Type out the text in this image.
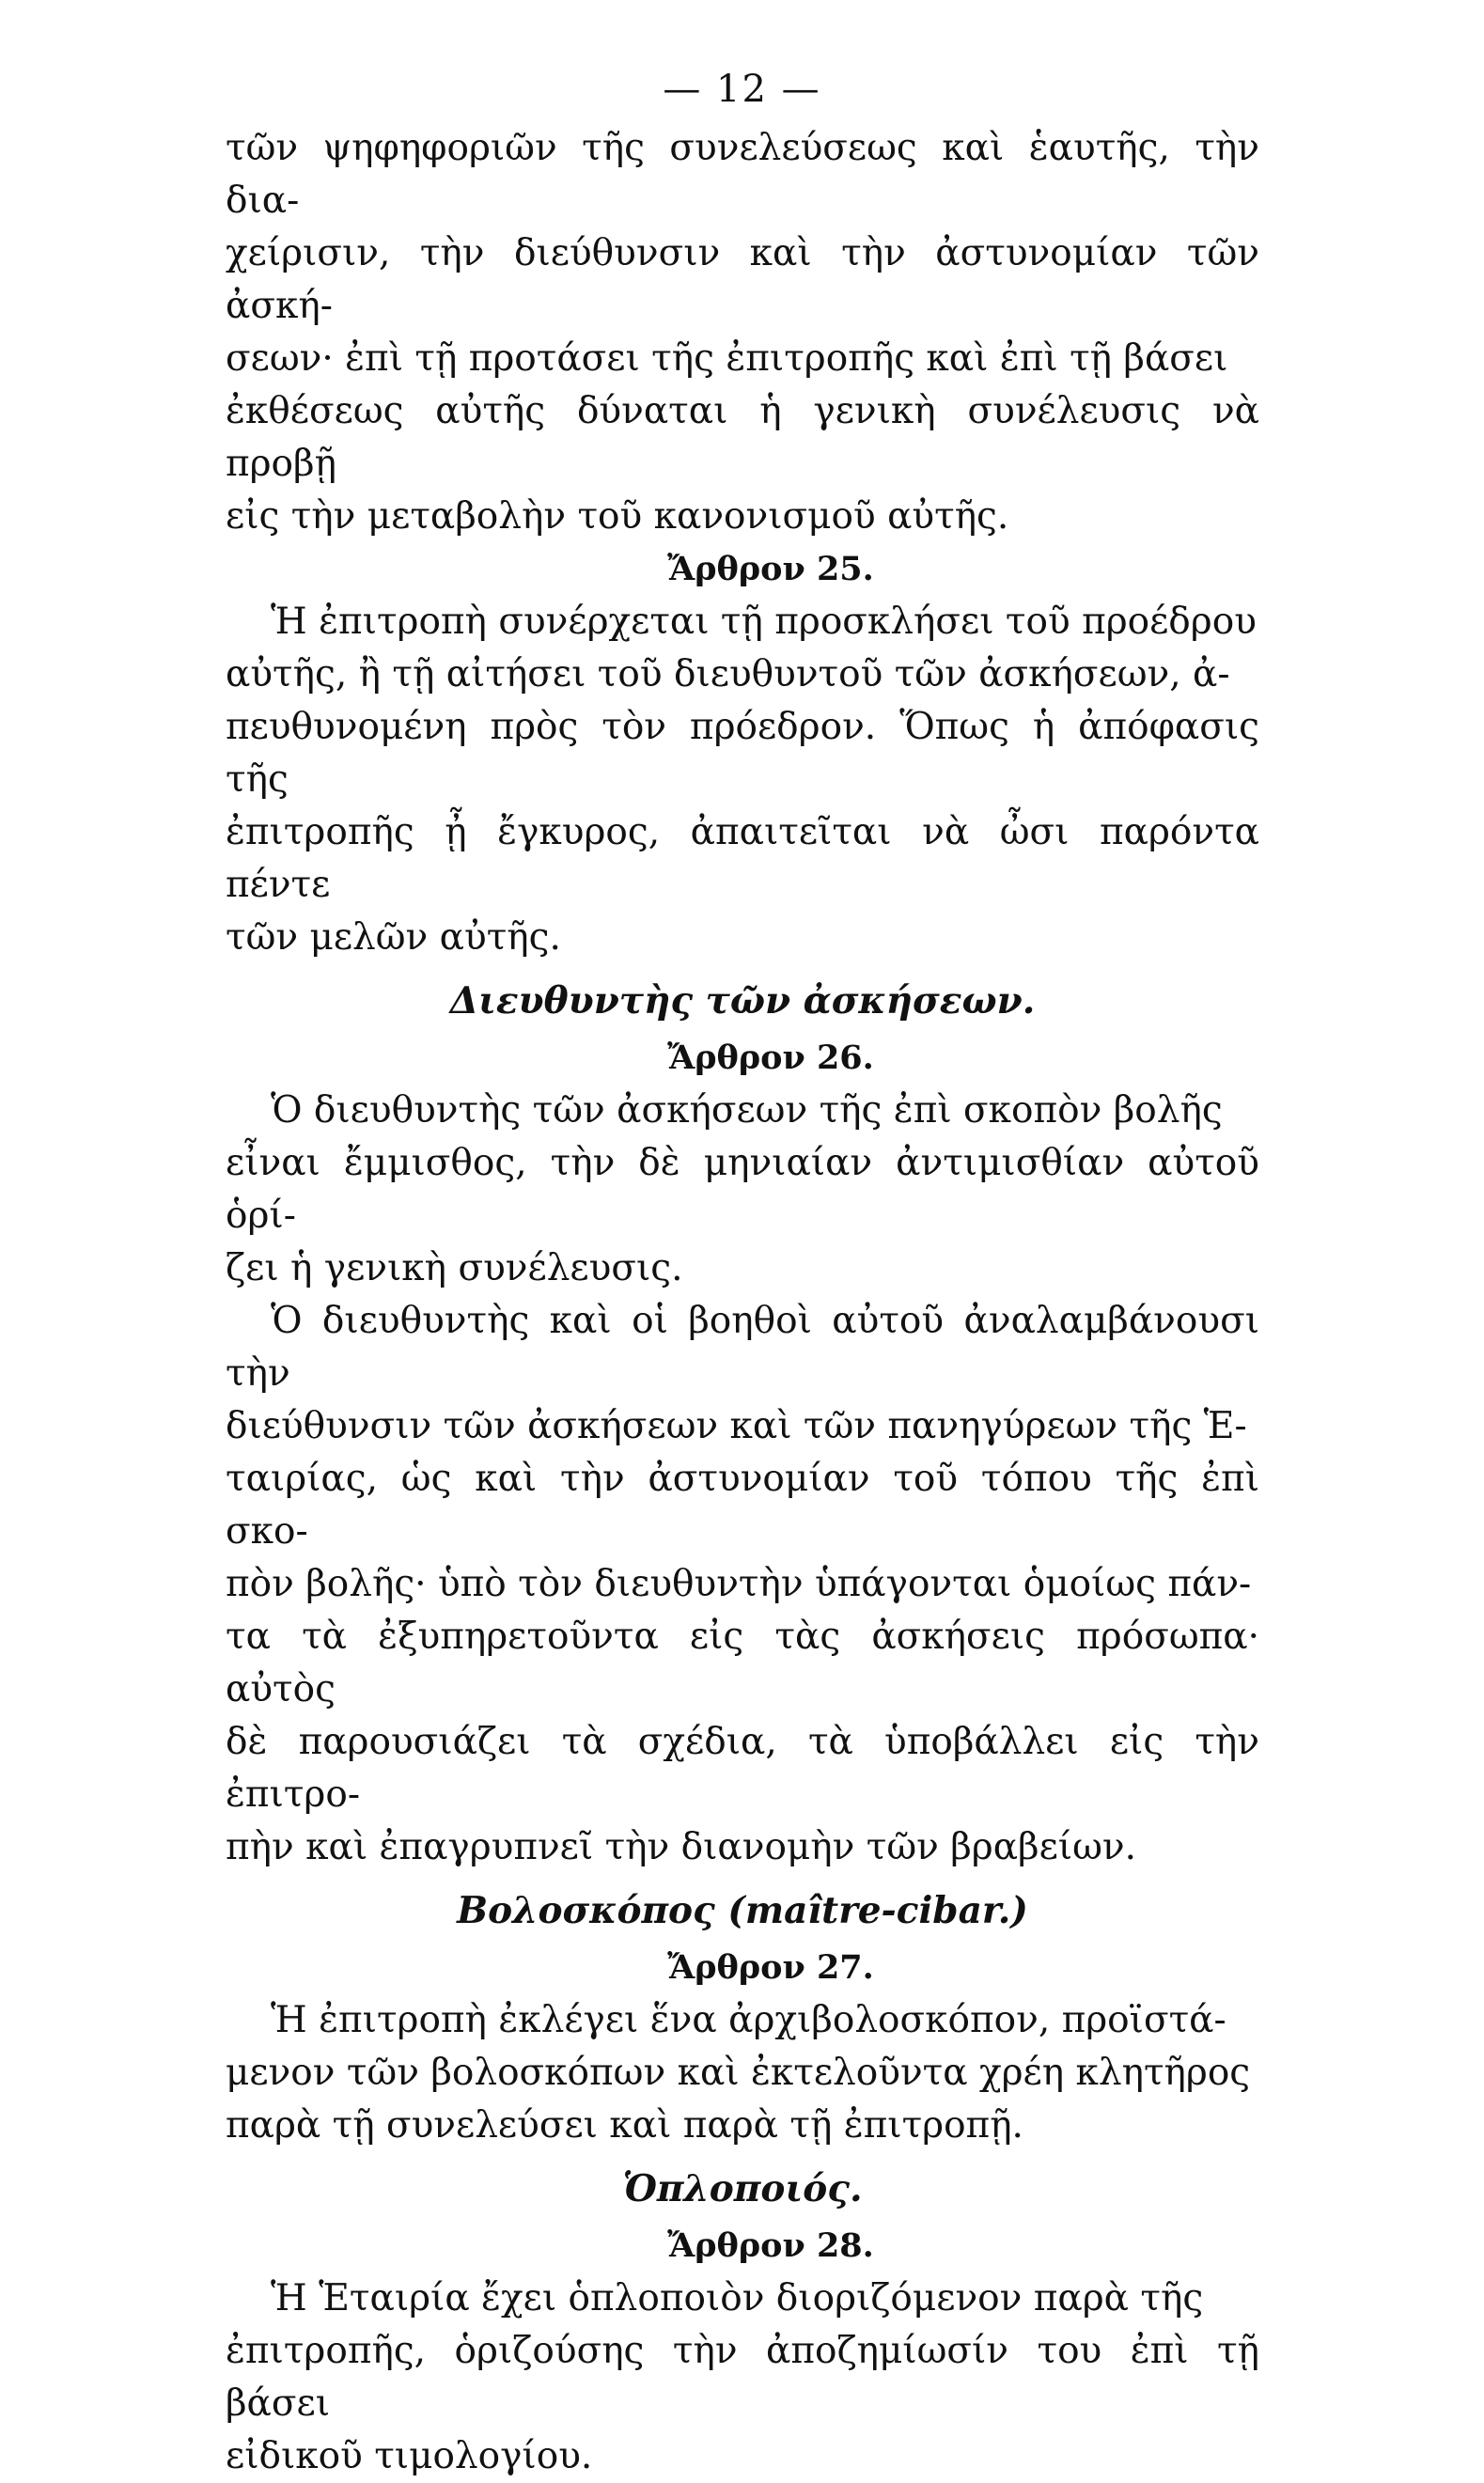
— 12 —

τῶν ψηφηφοριῶν τῆς συνελεύσεως καὶ ἑαυτῆς, τὴν δια-
χείρισιν, τὴν διεύθυνσιν καὶ τὴν ἀστυνομίαν τῶν ἀσκή-
σεων· ἐπὶ τῇ προτάσει τῆς ἐπιτροπῆς καὶ ἐπὶ τῇ βάσει
ἐκθέσεως αὐτῆς δύναται ἡ γενικὴ συνέλευσις νὰ προβῇ
εἰς τὴν μεταβολὴν τοῦ κανονισμοῦ αὐτῆς.

Ἄρθρον 25.

Ἡ ἐπιτροπὴ συνέρχεται τῇ προσκλήσει τοῦ προέδρου
αὐτῆς, ἢ τῇ αἰτήσει τοῦ διευθυντοῦ τῶν ἀσκήσεων, ἀ-
πευθυνομένη πρὸς τὸν πρόεδρον. Ὅπως ἡ ἀπόφασις τῆς
ἐπιτροπῆς ᾖ ἔγκυρος, ἀπαιτεῖται νὰ ὦσι παρόντα πέντε
τῶν μελῶν αὐτῆς.

Διευθυντὴς τῶν ἀσκήσεων.
Ἄρθρον 26.

Ὁ διευθυντὴς τῶν ἀσκήσεων τῆς ἐπὶ σκοπὸν βολῆς
εἶναι ἔμμισθος, τὴν δὲ μηνιαίαν ἀντιμισθίαν αὐτοῦ ὁρί-
ζει ἡ γενικὴ συνέλευσις.

Ὁ διευθυντὴς καὶ οἱ βοηθοὶ αὐτοῦ ἀναλαμβάνουσι τὴν
διεύθυνσιν τῶν ἀσκήσεων καὶ τῶν πανηγύρεων τῆς Ἑ-
ταιρίας, ὡς καὶ τὴν ἀστυνομίαν τοῦ τόπου τῆς ἐπὶ σκο-
πὸν βολῆς· ὑπὸ τὸν διευθυντὴν ὑπάγονται ὁμοίως πάν-
τα τὰ ἐξυπηρετοῦντα εἰς τὰς ἀσκήσεις πρόσωπα· αὐτὸς
δὲ παρουσιάζει τὰ σχέδια, τὰ ὑποβάλλει εἰς τὴν ἐπιτρο-
πὴν καὶ ἐπαγρυπνεῖ τὴν διανομὴν τῶν βραβείων.

Βολοσκόπος (maître-cibar.)
Ἄρθρον 27.

Ἡ ἐπιτροπὴ ἐκλέγει ἕνα ἀρχιβολοσκόπον, προϊστά-
μενον τῶν βολοσκόπων καὶ ἐκτελοῦντα χρέη κλητῆρος
παρὰ τῇ συνελεύσει καὶ παρὰ τῇ ἐπιτροπῇ.

Ὁπλοποιός.
Ἄρθρον 28.

Ἡ Ἑταιρία ἔχει ὁπλοποιὸν διοριζόμενον παρὰ τῆς
ἐπιτροπῆς, ὁριζούσης τὴν ἀποζημίωσίν του ἐπὶ τῇ βάσει
εἰδικοῦ τιμολογίου.
